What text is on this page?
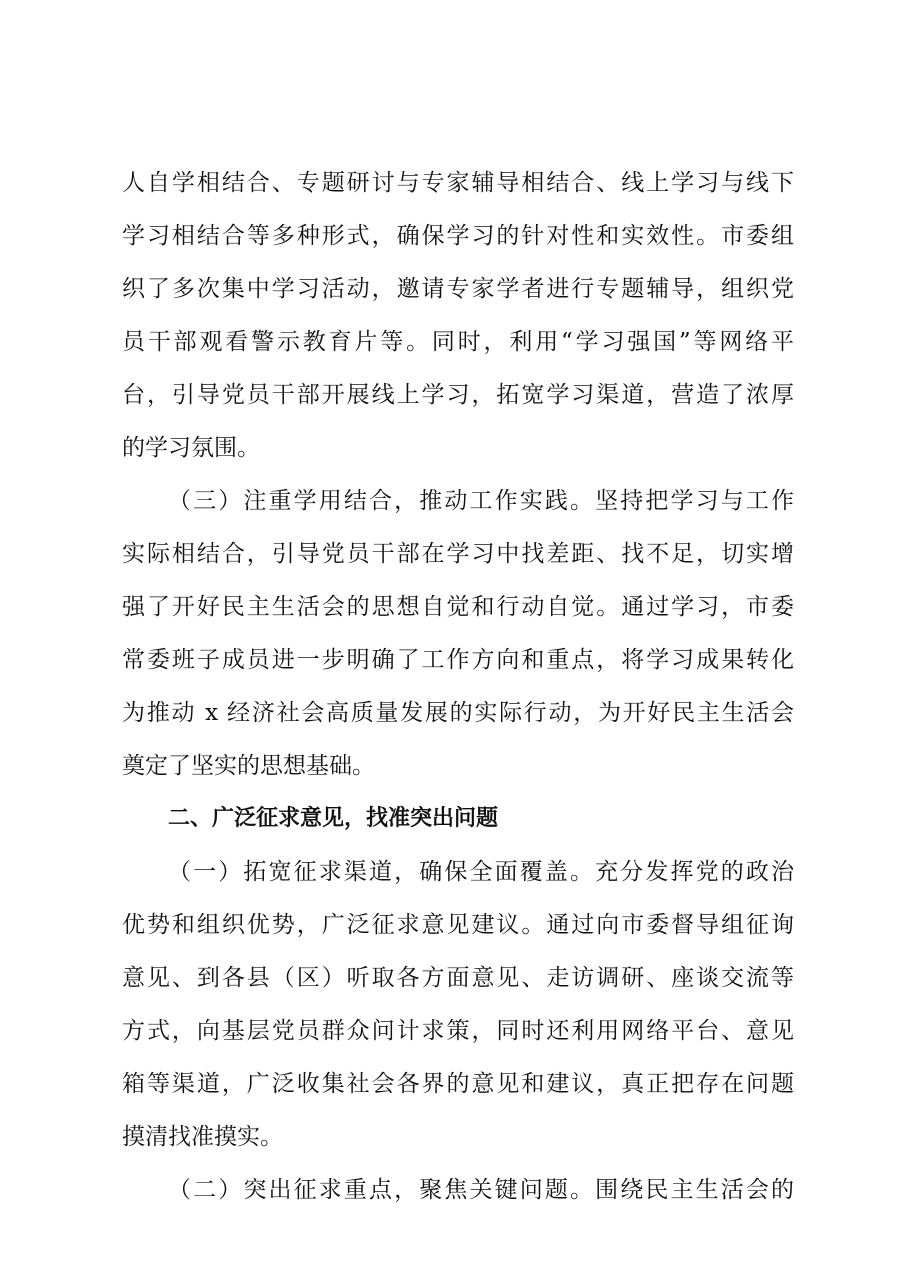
人自学相结合、专题研讨与专家辅导相结合、线上学习与线下
学习相结合等多种形式，确保学习的针对性和实效性。市委组
织了多次集中学习活动，邀请专家学者进行专题辅导，组织党
员干部观看警示教育片等。同时，利用“学习强国”等网络平
台，引导党员干部开展线上学习，拓宽学习渠道，营造了浓厚
的学习氛围。
（三）注重学用结合，推动工作实践。坚持把学习与工作
实际相结合，引导党员干部在学习中找差距、找不足，切实增
强了开好民主生活会的思想自觉和行动自觉。通过学习，市委
常委班子成员进一步明确了工作方向和重点，将学习成果转化
为推动 x 经济社会高质量发展的实际行动，为开好民主生活会
奠定了坚实的思想基础。
二、广泛征求意见，找准突出问题
（一）拓宽征求渠道，确保全面覆盖。充分发挥党的政治
优势和组织优势，广泛征求意见建议。通过向市委督导组征询
意见、到各县（区）听取各方面意见、走访调研、座谈交流等
方式，向基层党员群众问计求策，同时还利用网络平台、意见
箱等渠道，广泛收集社会各界的意见和建议，真正把存在问题
摸清找准摸实。
（二）突出征求重点，聚焦关键问题。围绕民主生活会的
